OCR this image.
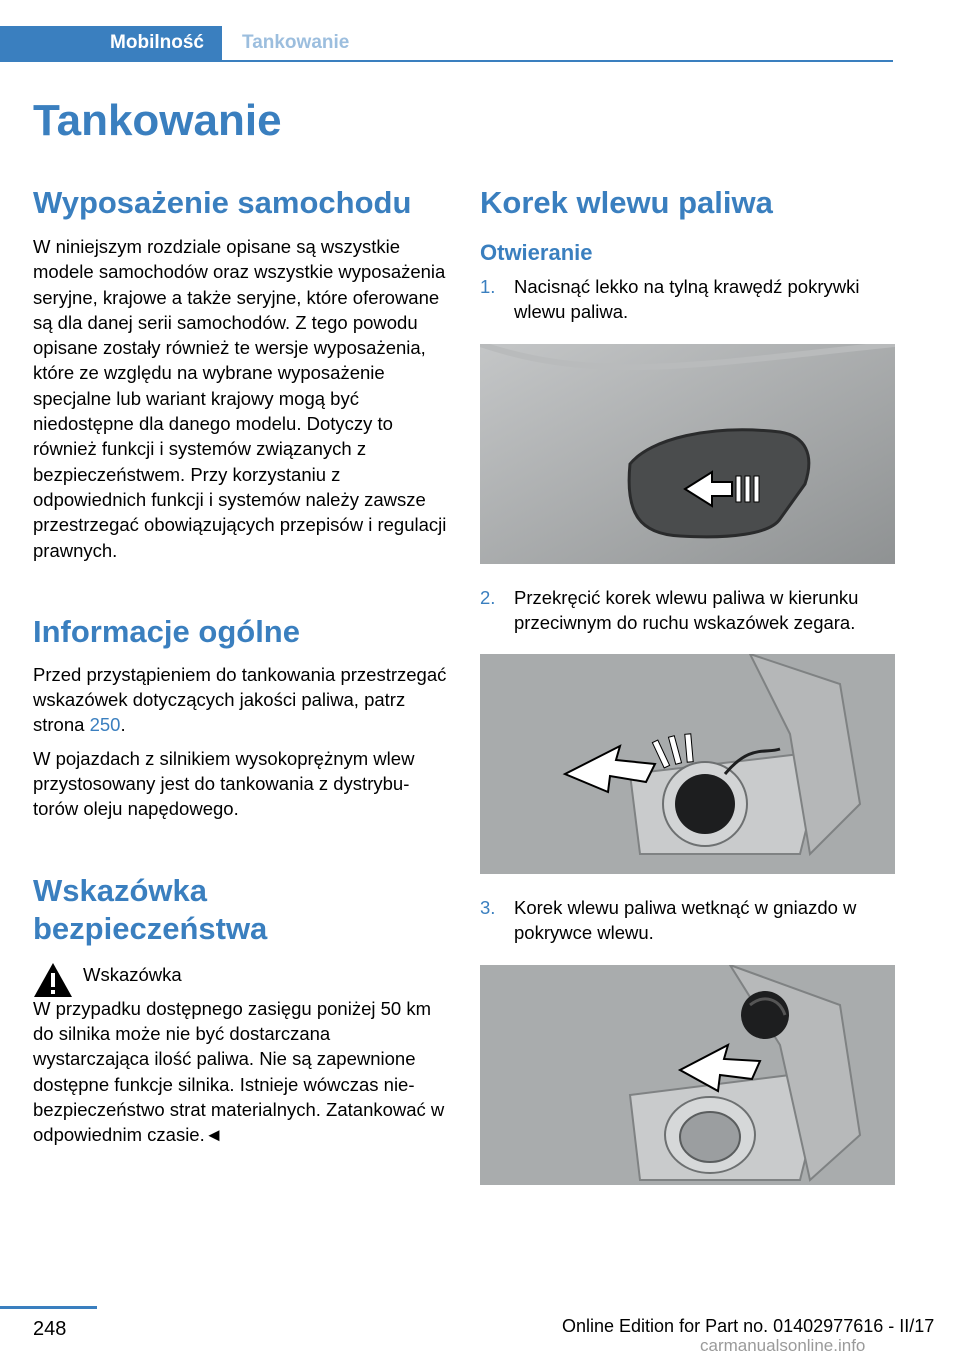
Mobilność	Tankowanie
Tankowanie
Wyposażenie samochodu

W niniejszym rozdziale opisane są wszystkie modele samochodów oraz wszystkie wyposażenia seryjne, krajowe a także seryjne, które oferowane są dla danej serii samochodów. Z tego powodu opisane zostały również te wersje wyposażenia, które ze względu na wybrane wyposażenie specjalne lub wariant krajowy mogą być niedostępne dla danego modelu. Dotyczy to również funkcji i systemów związanych z bezpieczeństwem. Przy korzystaniu z odpowiednich funkcji i systemów należy zawsze przestrzegać obowiązujących przepisów i regulacji prawnych.

Informacje ogólne

Przed przystąpieniem do tankowania przestrzegać wskazówek dotyczących jakości paliwa, patrz strona 250.

W pojazdach z silnikiem wysokoprężnym wlew przystosowany jest do tankowania z dystrybutorów oleju napędowego.

Wskazówka bezpieczeństwa

Wskazówka

W przypadku dostępnego zasięgu poniżej 50 km do silnika może nie być dostarczana wystarczająca ilość paliwa. Nie są zapewnione dostępne funkcje silnika. Istnieje wówczas niebezpieczeństwo strat materialnych. Zatankować w odpowiednim czasie.◄

Korek wlewu paliwa
Otwieranie
1.	Nacisnąć lekko na tylną krawędź pokrywki wlewu paliwa.
2.	Przekręcić korek wlewu paliwa w kierunku przeciwnym do ruchu wskazówek zegara.
3.	Korek wlewu paliwa wetknąć w gniazdo w pokrywce wlewu.
248	Online Edition for Part no. 01402977616 - II/17
carmanualsonline.info
